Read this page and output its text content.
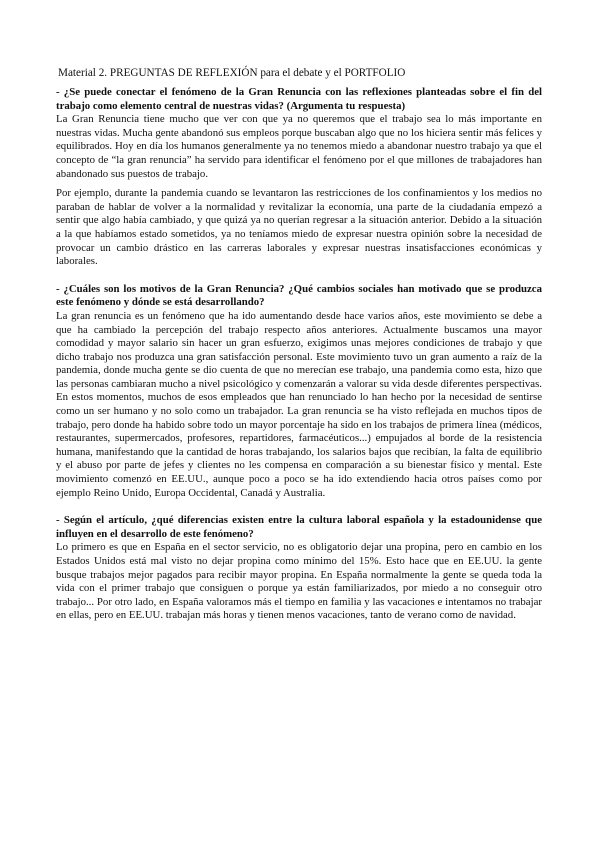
Material 2. PREGUNTAS DE REFLEXIÓN para el debate y el PORTFOLIO

- ¿Se puede conectar el fenómeno de la Gran Renuncia con las reflexiones planteadas sobre el fin del trabajo como elemento central de nuestras vidas? (Argumenta tu respuesta)

La Gran Renuncia tiene mucho que ver con que ya no queremos que el trabajo sea lo más importante en nuestras vidas. Mucha gente abandonó sus empleos porque buscaban algo que no los hiciera sentir más felices y equilibrados. Hoy en día los humanos generalmente ya no tenemos miedo a abandonar nuestro trabajo ya que el concepto de “la gran renuncia” ha servido para identificar el fenómeno por el que millones de trabajadores han abandonado sus puestos de trabajo.

Por ejemplo, durante la pandemia cuando se levantaron las restricciones de los confinamientos y los medios no paraban de hablar de volver a la normalidad y revitalizar la economía, una parte de la ciudadanía empezó a sentir que algo había cambiado, y que quizá ya no querían regresar a la situación anterior. Debido a la situación a la que habíamos estado sometidos, ya no teníamos miedo de expresar nuestra opinión sobre la necesidad de provocar un cambio drástico en las carreras laborales y expresar nuestras insatisfacciones económicas y laborales.

- ¿Cuáles son los motivos de la Gran Renuncia? ¿Qué cambios sociales han motivado que se produzca este fenómeno y dónde se está desarrollando?

La gran renuncia es un fenómeno que ha ido aumentando desde hace varios años, este movimiento se debe a que ha cambiado la percepción del trabajo respecto años anteriores. Actualmente buscamos una mayor comodidad y mayor salario sin hacer un gran esfuerzo, exigimos unas mejores condiciones de trabajo y que dicho trabajo nos produzca una gran satisfacción personal. Este movimiento tuvo un gran aumento a raíz de la pandemia, donde mucha gente se dio cuenta de que no merecían ese trabajo, una pandemia como esta, hizo que las personas cambiaran mucho a nivel psicológico y comenzarán a valorar su vida desde diferentes perspectivas. En estos momentos, muchos de esos empleados que han renunciado lo han hecho por la necesidad de sentirse como un ser humano y no solo como un trabajador. La gran renuncia se ha visto reflejada en muchos tipos de trabajo, pero donde ha habido sobre todo un mayor porcentaje ha sido en los trabajos de primera línea (médicos, restaurantes, supermercados, profesores, repartidores, farmacéuticos...) empujados al borde de la resistencia humana, manifestando que la cantidad de horas trabajando, los salarios bajos que recibían, la falta de equilibrio y el abuso por parte de jefes y clientes no les compensa en comparación a su bienestar físico y mental. Este movimiento comenzó en EE.UU., aunque poco a poco se ha ido extendiendo hacia otros países como por ejemplo Reino Unido, Europa Occidental, Canadá y Australia.

- Según el artículo, ¿qué diferencias existen entre la cultura laboral española y la estadounidense que influyen en el desarrollo de este fenómeno?

Lo primero es que en España en el sector servicio, no es obligatorio dejar una propina, pero en cambio en los Estados Unidos está mal visto no dejar propina como mínimo del 15%. Esto hace que en EE.UU. la gente busque trabajos mejor pagados para recibir mayor propina. En España normalmente la gente se queda toda la vida con el primer trabajo que consiguen o porque ya están familiarizados, por miedo a no conseguir otro trabajo... Por otro lado, en España valoramos más el tiempo en familia y las vacaciones e intentamos no trabajar en ellas, pero en EE.UU. trabajan más horas y tienen menos vacaciones, tanto de verano como de navidad.
